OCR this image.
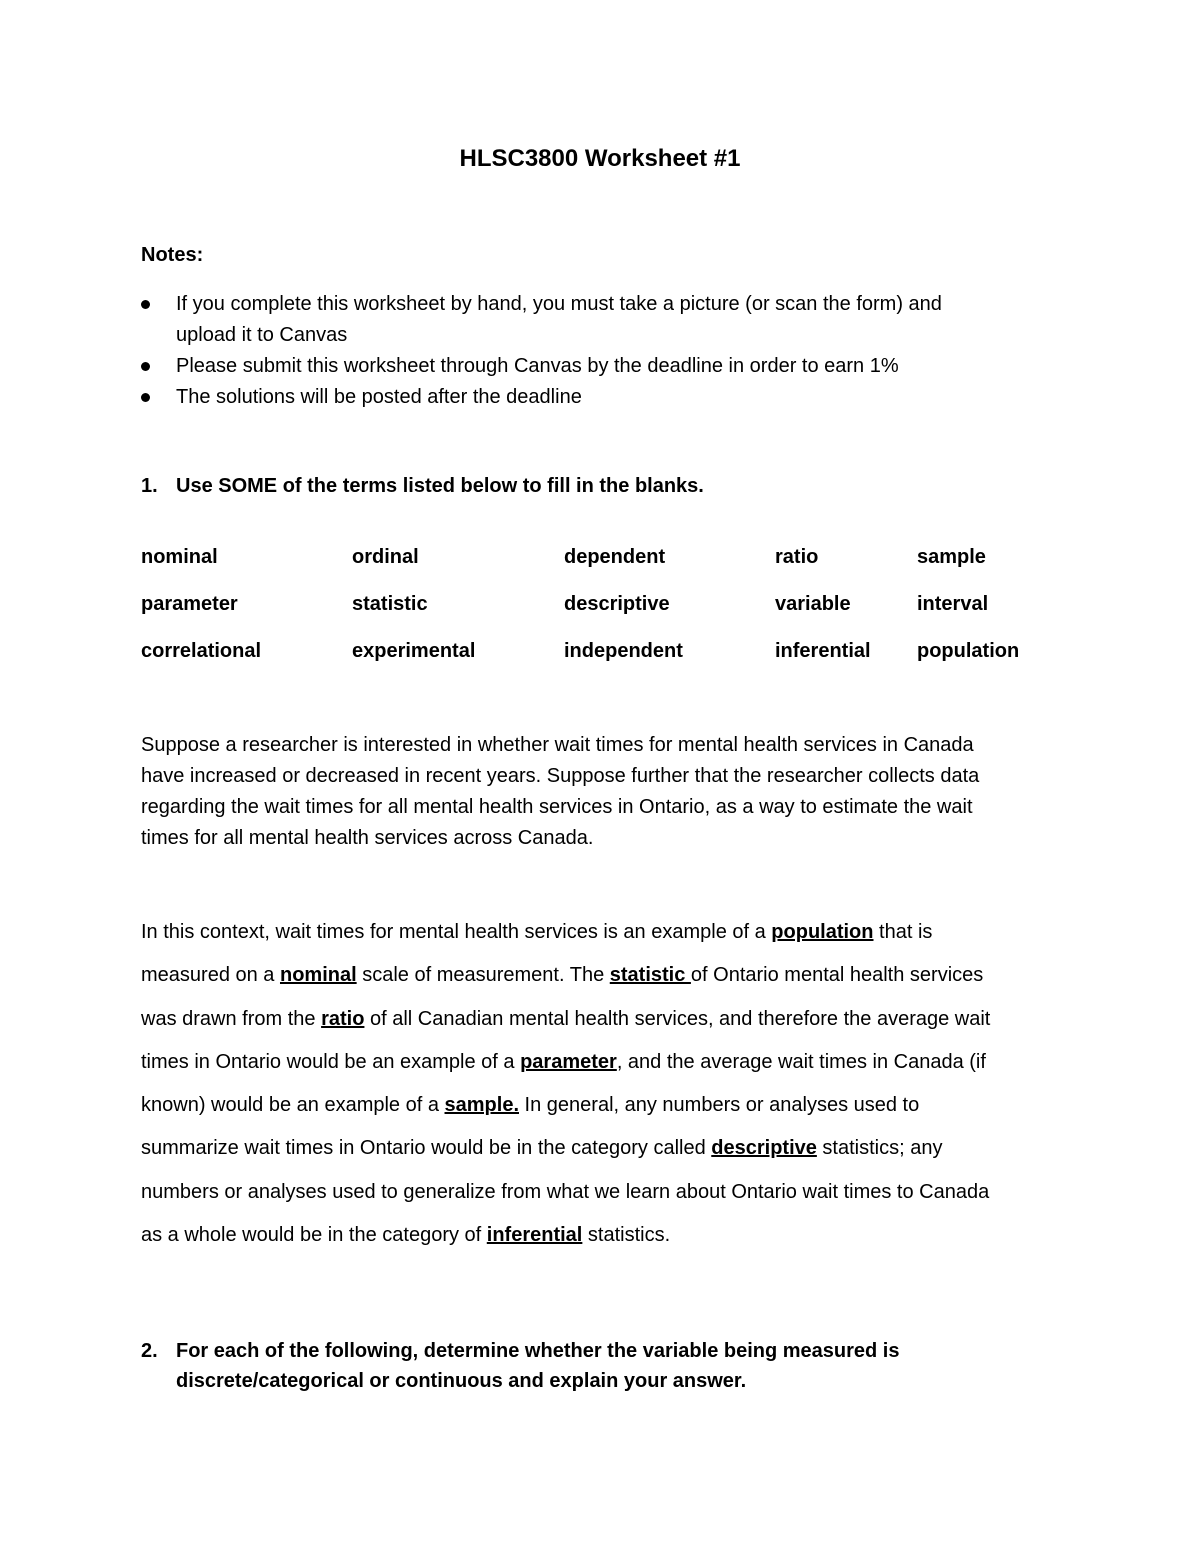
HLSC3800 Worksheet #1
Notes:
If you complete this worksheet by hand, you must take a picture (or scan the form) and
upload it to Canvas
Please submit this worksheet through Canvas by the deadline in order to earn 1%
The solutions will be posted after the deadline
1. Use SOME of the terms listed below to fill in the blanks.
nominal	ordinal	dependent	ratio	sample
parameter	statistic	descriptive	variable	interval
correlational	experimental	independent	inferential population
Suppose a researcher is interested in whether wait times for mental health services in Canada
have increased or decreased in recent years. Suppose further that the researcher collects data
regarding the wait times for all mental health services in Ontario, as a way to estimate the wait
times for all mental health services across Canada.
In this context, wait times for mental health services is an example of a population that is
measured on a nominal scale of measurement. The statistic of Ontario mental health services
was drawn from the ratio of all Canadian mental health services, and therefore the average wait
times in Ontario would be an example of a parameter, and the average wait times in Canada (if
known) would be an example of a sample. In general, any numbers or analyses used to
summarize wait times in Ontario would be in the category called descriptive statistics; any
numbers or analyses used to generalize from what we learn about Ontario wait times to Canada
as a whole would be in the category of inferential statistics.
2. For each of the following, determine whether the variable being measured is
discrete/categorical or continuous and explain your answer.
